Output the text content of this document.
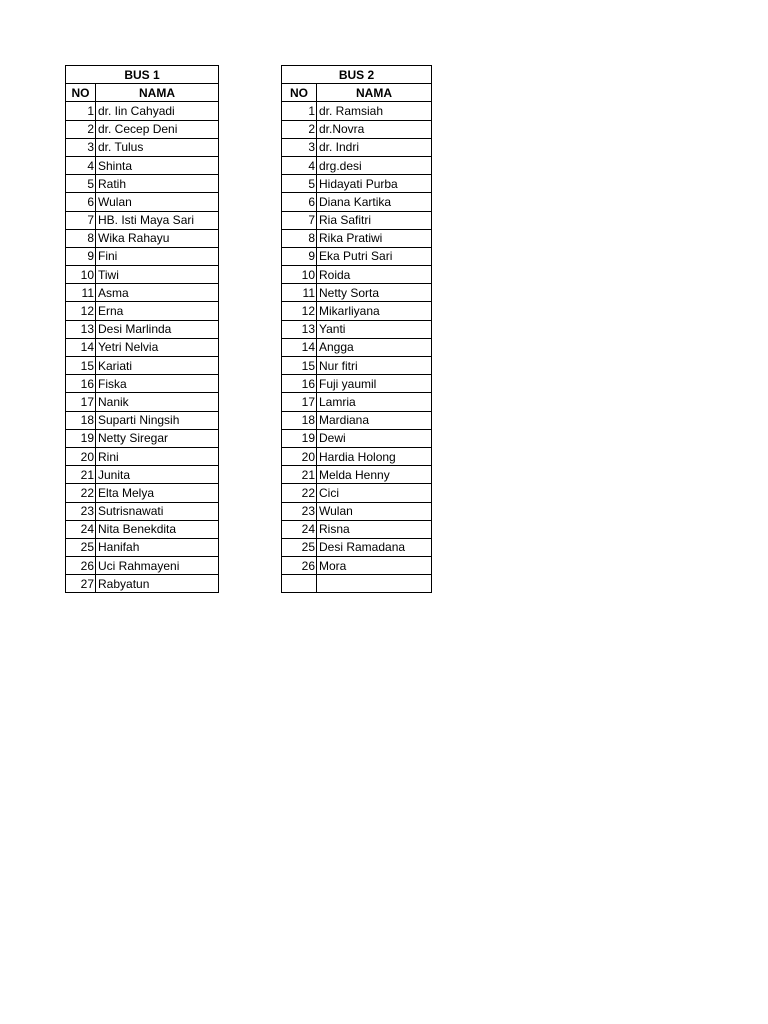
BUS 1	
NO	NAMA
1	dr. Iin Cahyadi
2	dr. Cecep Deni
3	dr. Tulus
4	Shinta
5	Ratih
6	Wulan
7	HB. Isti Maya Sari
8	Wika Rahayu
9	Fini
10	Tiwi
11	Asma
12	Erna
13	Desi Marlinda
14	Yetri Nelvia
15	Kariati
16	Fiska
17	Nanik
18	Suparti Ningsih
19	Netty Siregar
20	Rini
21	Junita
22	Elta Melya
23	Sutrisnawati
24	Nita Benekdita
25	Hanifah
26	Uci Rahmayeni
27	Rabyatun
BUS 2	
NO	NAMA
1	dr. Ramsiah
2	dr.Novra
3	dr. Indri
4	drg.desi
5	Hidayati Purba
6	Diana Kartika
7	Ria Safitri
8	Rika Pratiwi
9	Eka Putri Sari
10	Roida
11	Netty Sorta
12	Mikarliyana
13	Yanti
14	Angga
15	Nur fitri
16	Fuji yaumil
17	Lamria
18	Mardiana
19	Dewi
20	Hardia Holong
21	Melda Henny
22	Cici
23	Wulan
24	Risna
25	Desi Ramadana
26	Mora
